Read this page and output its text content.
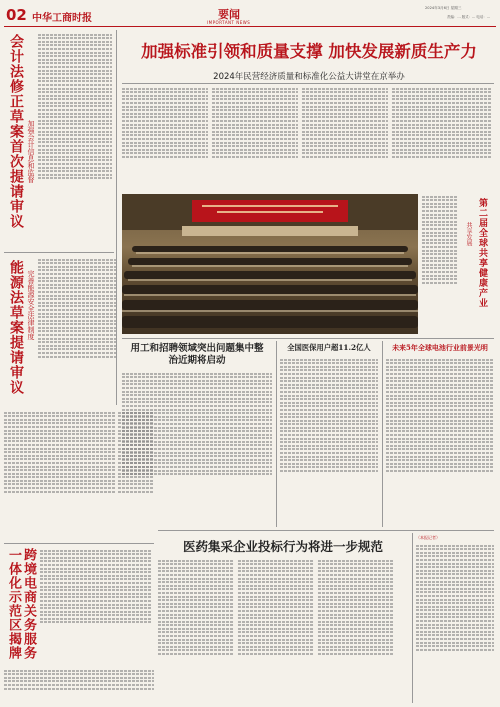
02 中华工商时报	要闻
IMPORTANT NEWS
2024年3月6日 星期三
责编：… 版式：… 电话：…
会计法修正草案首次提请审议 加强会计信息和监督
能源法草案提请审议 完善能源安全法律制度
跨境电商关务服务一体化示范区揭牌
加强标准引领和质量支撑 加快发展新质生产力
2024年民营经济质量和标准化公益大讲堂在京举办
第二届全球共享健康产业
共享发展
用工和招聘领域突出问题集中整治近期将启动
全国医保用户超11.2亿人	未来5年全球电池行业前景光明
医药集采企业投标行为将进一步规范
（本报记者）
